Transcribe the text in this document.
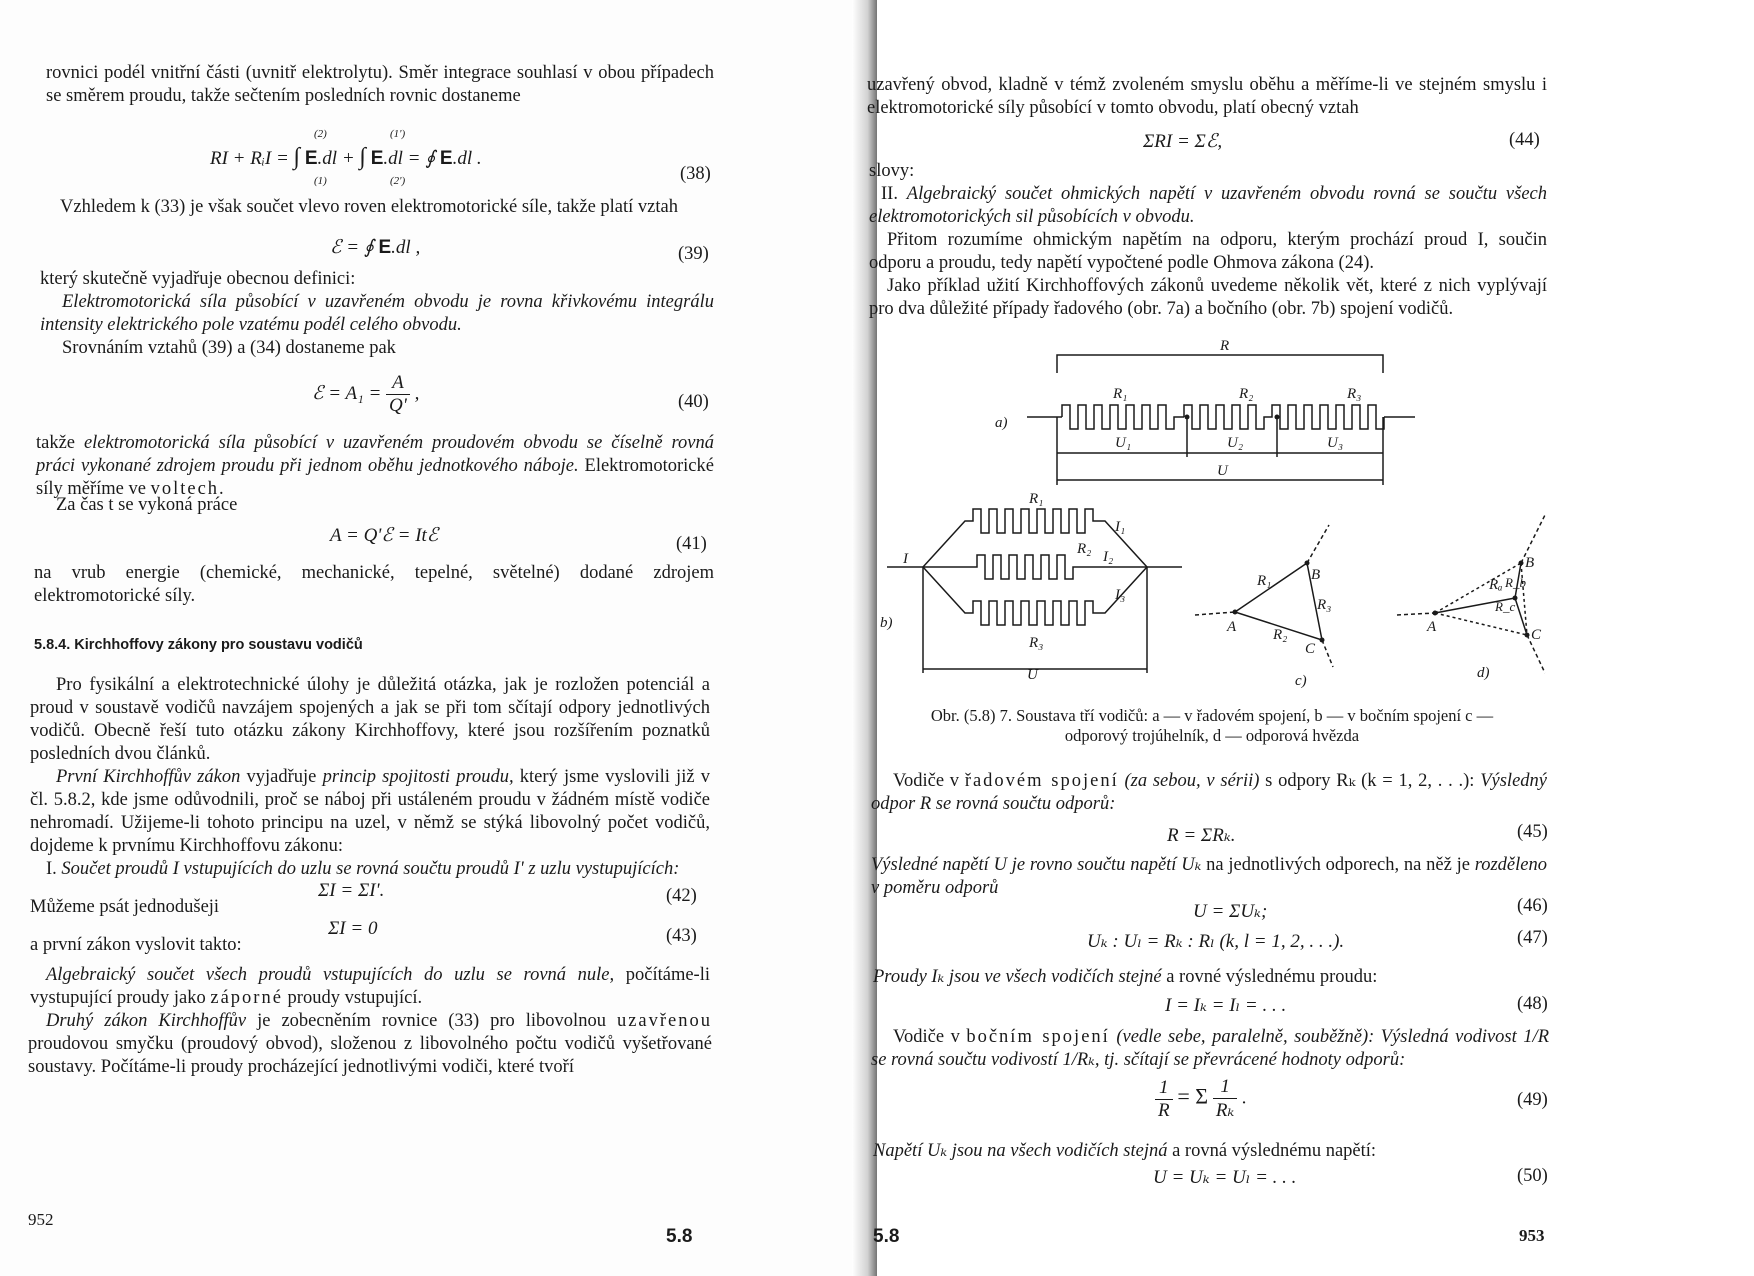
rovnici podél vnitřní části (uvnitř elektrolytu). Směr integrace souhlasí v obou případech se směrem proudu, takže sečtením posledních rovnic dostaneme
RI + RᵢI = ∫ E.dl + ∫ E.dl = ∮ E.dl .
(2)
(1)
(1')
(2')	(38)
Vzhledem k (33) je však součet vlevo roven elektromotorické síle, takže platí vztah
ℰ = ∮ E.dl ,	(39)
který skutečně vyjadřuje obecnou definici:
Elektromotorická síla působící v uzavřeném obvodu je rovna křivkovému integrálu intensity elektrického pole vzatému podél celého obvodu.
Srovnáním vztahů (39) a (34) dostaneme pak
ℰ = $A_1 = \frac{A}{Q'}$ ,	(40)
takže elektromotorická síla působící v uzavřeném proudovém obvodu se číselně rovná práci vykonané zdrojem proudu při jednom oběhu jednotkového náboje. Elektromotorické síly měříme ve voltech.
Za čas t se vykoná práce
A = Q'ℰ = Itℰ	(41)
na vrub energie (chemické, mechanické, tepelné, světelné) dodané zdrojem elektromotorické síly.
5.8.4. Kirchhoffovy zákony pro soustavu vodičů
Pro fysikální a elektrotechnické úlohy je důležitá otázka, jak je rozložen potenciál a proud v soustavě vodičů navzájem spojených a jak se při tom sčítají odpory jednotlivých vodičů. Obecně řeší tuto otázku zákony Kirchhoffovy, které jsou rozšířením poznatků posledních dvou článků.
První Kirchhoffův zákon vyjadřuje princip spojitosti proudu, který jsme vyslovili již v čl. 5.8.2, kde jsme odůvodnili, proč se náboj při ustáleném proudu v žádném místě vodiče nehromadí. Užijeme-li tohoto principu na uzel, v němž se stýká libovolný počet vodičů, dojdeme k prvnímu Kirchhoffovu zákonu:
I. Součet proudů I vstupujících do uzlu se rovná součtu proudů I' z uzlu vystupujících:
ΣI = ΣI'.	(42)
Můžeme psát jednodušeji
ΣI = 0	(43)
a první zákon vyslovit takto:
Algebraický součet všech proudů vstupujících do uzlu se rovná nule, počítáme-li vystupující proudy jako záporné proudy vstupující.
Druhý zákon Kirchhoffův je zobecněním rovnice (33) pro libovolnou uzavřenou proudovou smyčku (proudový obvod), složenou z libovolného počtu vodičů vyšetřované soustavy. Počítáme-li proudy procházející jednotlivými vodiči, které tvoří
952
5.8
uzavřený obvod, kladně v témž zvoleném smyslu oběhu a měříme-li ve stejném smyslu i elektromotorické síly působící v tomto obvodu, platí obecný vztah
ΣRI = Σℰ,	(44)
slovy:
II. Algebraický součet ohmických napětí v uzavřeném obvodu rovná se součtu všech elektromotorických sil působících v obvodu.
Přitom rozumíme ohmickým napětím na odporu, kterým prochází proud I, součin odporu a proudu, tedy napětí vypočtené podle Ohmova zákona (24).
Jako příklad užití Kirchhoffových zákonů uvedeme několik vět, které z nich vyplývají pro dva důležité případy řadového (obr. 7a) a bočního (obr. 7b) spojení vodičů.
a)
R
R₁	R₂	R₃
U₁	U₂	U₃
U
b)
I
R₁
R₂
R₃
I₁
I₂
I₃
U
R₁
R₃
R₂
A
B
C
c)
A
B
C
Rₐ R_b
R_c
d)
Obr. (5.8) 7. Soustava tří vodičů: a — v řadovém spojení, b — v bočním spojení c — odporový trojúhelník, d — odporová hvězda
Vodiče v řadovém spojení (za sebou, v sérii) s odpory Rₖ (k = 1, 2, . . .): Výsledný odpor R se rovná součtu odporů:
R = ΣRₖ.	(45)
Výsledné napětí U je rovno součtu napětí Uₖ na jednotlivých odporech, na něž je rozděleno v poměru odporů
U = ΣUₖ;	(46)
Uₖ : Uₗ = Rₖ : Rₗ (k, l = 1, 2, . . .).	(47)
Proudy Iₖ jsou ve všech vodičích stejné a rovné výslednému proudu:
I = Iₖ = Iₗ = . . .	(48)
Vodiče v bočním spojení (vedle sebe, paralelně, souběžně): Výsledná vodivost 1/R se rovná součtu vodivostí 1/Rₖ, tj. sčítají se převrácené hodnoty odporů:
$\frac{1}{R} = \Sigma \frac{1}{\text{Rₖ}}$ .	(49)
Napětí Uₖ jsou na všech vodičích stejná a rovná výslednému napětí:
U = Uₖ = Uₗ = . . .	(50)
5.8	953
